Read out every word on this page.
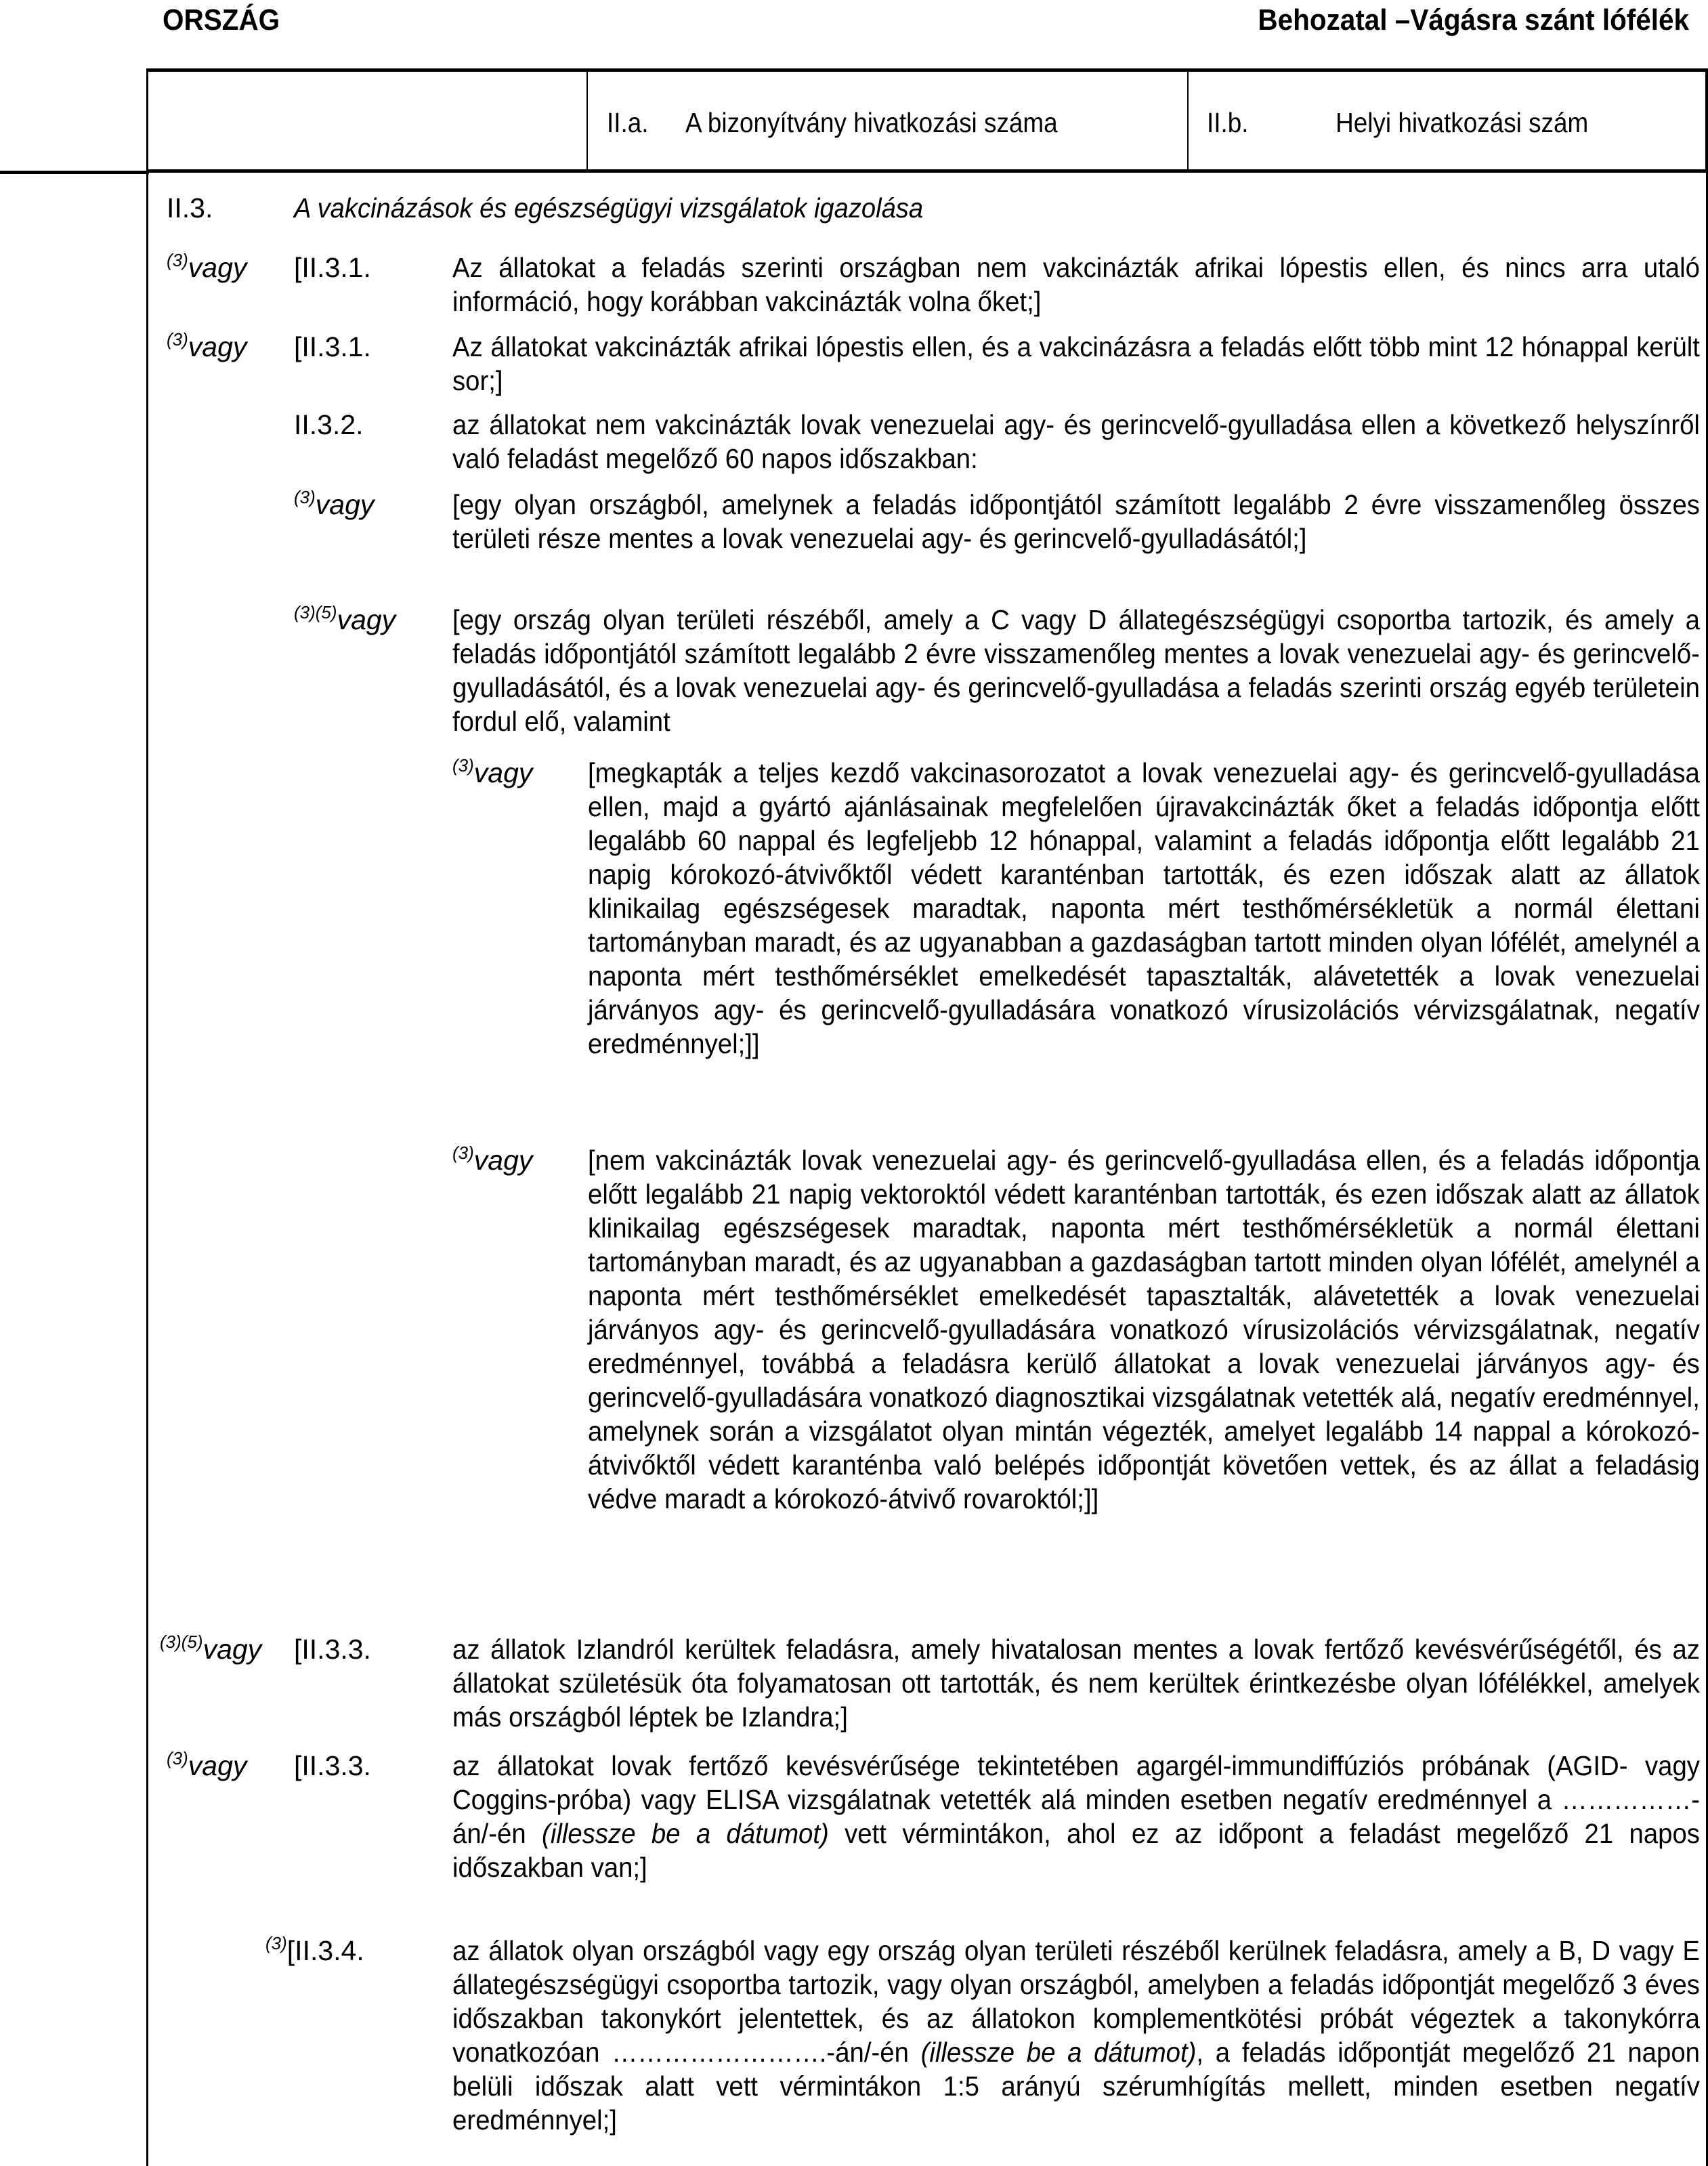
ORSZÁG	Behozatal –Vágásra szánt lófélék
II.a. A bizonyítvány hivatkozási száma	II.b.	Helyi hivatkozási szám
II.3.	A vakcinázások és egészségügyi vizsgálatok igazolása
$^{(3)}$vagy [II.3.1.	Az állatokat a feladás szerinti országban nem vakcinázták afrikai lópestis ellen, és nincs arra utaló információ, hogy korábban vakcinázták volna őket;]
$^{(3)}$vagy [II.3.1.	Az állatokat vakcinázták afrikai lópestis ellen, és a vakcinázásra a feladás előtt több mint 12 hónappal került sor;]
II.3.2.	az állatokat nem vakcinázták lovak venezuelai agy- és gerincvelő-gyulladása ellen a következő helyszínről való feladást megelőző 60 napos időszakban:
$^{(3)}$vagy	[egy olyan országból, amelynek a feladás időpontjától számított legalább 2 évre visszamenőleg összes területi része mentes a lovak venezuelai agy- és gerincvelő-gyulladásától;]
$^{(3)(5)}$vagy [egy ország olyan területi részéből, amely a C vagy D állategészségügyi csoportba tartozik, és amely a feladás időpontjától számított legalább 2 évre visszamenőleg mentes a lovak venezuelai agy- és gerincvelő-gyulladásától, és a lovak venezuelai agy- és gerincvelő-gyulladása a feladás szerinti ország egyéb területein fordul elő, valamint
$^{(3)}$vagy [megkapták a teljes kezdő vakcinasorozatot a lovak venezuelai agy- és gerincvelő-gyulladása ellen, majd a gyártó ajánlásainak megfelelően újravakcinázták őket a feladás időpontja előtt legalább 60 nappal és legfeljebb 12 hónappal, valamint a feladás időpontja előtt legalább 21 napig kórokozó-átvivőktől védett karanténban tartották, és ezen időszak alatt az állatok klinikailag egészségesek maradtak, naponta mért testhőmérsékletük a normál élettani tartományban maradt, és az ugyanabban a gazdaságban tartott minden olyan lófélét, amelynél a naponta mért testhőmérséklet emelkedését tapasztalták, alávetették a lovak venezuelai járványos agy- és gerincvelő-gyulladására vonatkozó vírusizolációs vérvizsgálatnak, negatív eredménnyel;]]
$^{(3)}$vagy [nem vakcinázták lovak venezuelai agy- és gerincvelő-gyulladása ellen, és a feladás időpontja előtt legalább 21 napig vektoroktól védett karanténban tartották, és ezen időszak alatt az állatok klinikailag egészségesek maradtak, naponta mért testhőmérsékletük a normál élettani tartományban maradt, és az ugyanabban a gazdaságban tartott minden olyan lófélét, amelynél a naponta mért testhőmérséklet emelkedését tapasztalták, alávetették a lovak venezuelai járványos agy- és gerincvelő-gyulladására vonatkozó vírusizolációs vérvizsgálatnak, negatív eredménnyel, továbbá a feladásra kerülő állatokat a lovak venezuelai járványos agy- és gerincvelő-gyulladására vonatkozó diagnosztikai vizsgálatnak vetették alá, negatív eredménnyel, amelynek során a vizsgálatot olyan mintán végezték, amelyet legalább 14 nappal a kórokozó-átvivőktől védett karanténba való belépés időpontját követően vettek, és az állat a feladásig védve maradt a kórokozó-átvivő rovaroktól;]]
$^{(3)(5)}$vagy [II.3.3.	az állatok Izlandról kerültek feladásra, amely hivatalosan mentes a lovak fertőző kevésvérűségétől, és az állatokat születésük óta folyamatosan ott tartották, és nem kerültek érintkezésbe olyan lófélékkel, amelyek más országból léptek be Izlandra;]
$^{(3)}$vagy [II.3.3.	az állatokat lovak fertőző kevésvérűsége tekintetében agargél-immundiffúziós próbának (AGID- vagy Coggins-próba) vagy ELISA vizsgálatnak vetették alá minden esetben negatív eredménnyel a ……………-án/-én (illessze be a dátumot) vett vérmintákon, ahol ez az időpont a feladást megelőző 21 napos időszakban van;]
$^{(3)}$[II.3.4.	az állatok olyan országból vagy egy ország olyan területi részéből kerülnek feladásra, amely a B, D vagy E állategészségügyi csoportba tartozik, vagy olyan országból, amelyben a feladás időpontját megelőző 3 éves időszakban takonykórt jelentettek, és az állatokon komplementkötési próbát végeztek a takonykórra vonatkozóan …………………….-án/-én (illessze be a dátumot), a feladás időpontját megelőző 21 napon belüli időszak alatt vett vérmintákon 1:5 arányú szérumhígítás mellett, minden esetben negatív eredménnyel;]
